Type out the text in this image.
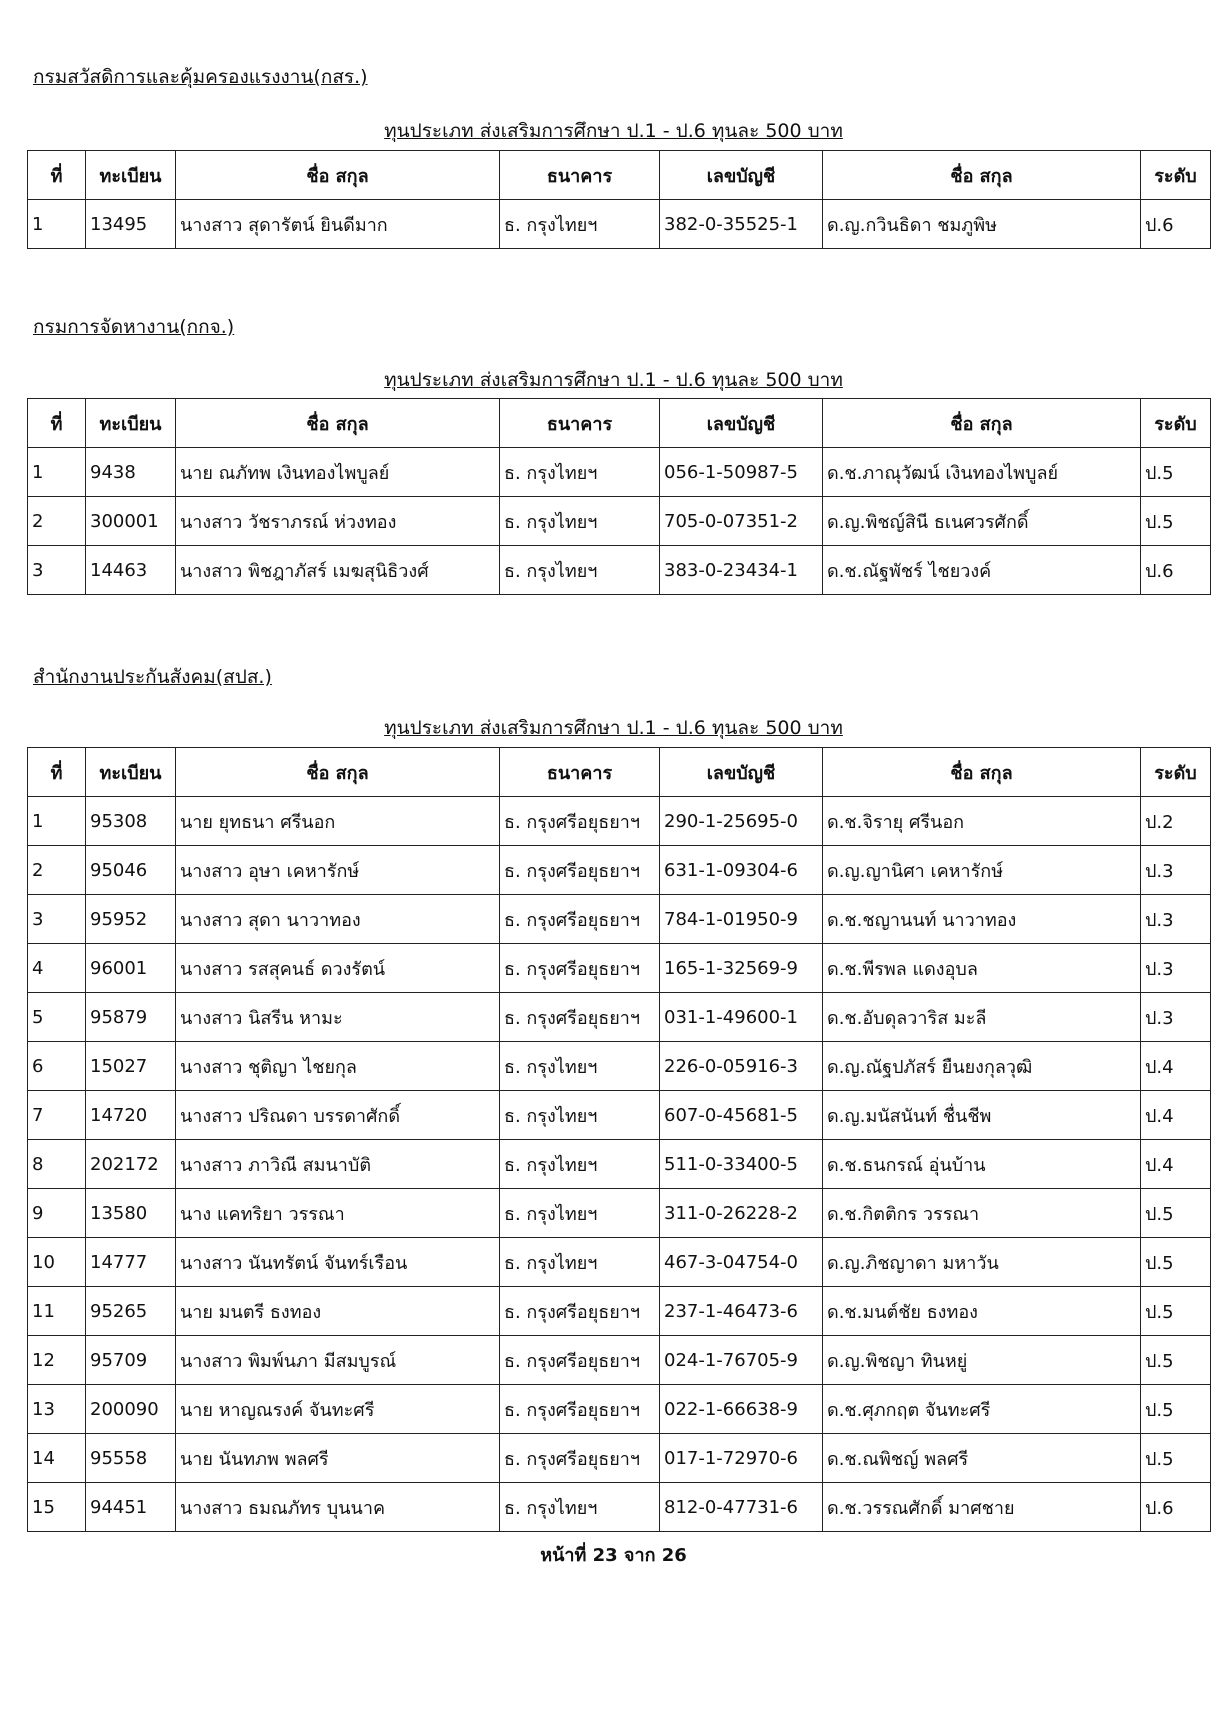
กรมสวัสดิการและคุ้มครองแรงงาน(กสร.)
ทุนประเภท ส่งเสริมการศึกษา ป.1 - ป.6 ทุนละ 500 บาท
ที่	ทะเบียน	ชื่อ สกุล	ธนาคาร	เลขบัญชี	ชื่อ สกุล	ระดับ
1	13495	นางสาว สุดารัตน์ ยินดีมาก	ธ. กรุงไทยฯ	382-0-35525-1	ด.ญ.กวินธิดา ชมภูพิษ	ป.6
กรมการจัดหางาน(กกจ.)
ทุนประเภท ส่งเสริมการศึกษา ป.1 - ป.6 ทุนละ 500 บาท
ที่	ทะเบียน	ชื่อ สกุล	ธนาคาร	เลขบัญชี	ชื่อ สกุล	ระดับ
1	9438	นาย ณภัทพ เงินทองไพบูลย์	ธ. กรุงไทยฯ	056-1-50987-5	ด.ช.ภาณุวัฒน์ เงินทองไพบูลย์	ป.5
2	300001	นางสาว วัชราภรณ์ ห่วงทอง	ธ. กรุงไทยฯ	705-0-07351-2	ด.ญ.พิชญ์สินี ธเนศวรศักดิ์	ป.5
3	14463	นางสาว พิชฎาภัสร์ เมฆสุนิธิวงศ์	ธ. กรุงไทยฯ	383-0-23434-1	ด.ช.ณัฐพัชร์ ไชยวงค์	ป.6
สำนักงานประกันสังคม(สปส.)
ทุนประเภท ส่งเสริมการศึกษา ป.1 - ป.6 ทุนละ 500 บาท
ที่	ทะเบียน	ชื่อ สกุล	ธนาคาร	เลขบัญชี	ชื่อ สกุล	ระดับ
1	95308	นาย ยุทธนา ศรีนอก	ธ. กรุงศรีอยุธยาฯ	290-1-25695-0	ด.ช.จิรายุ ศรีนอก	ป.2
2	95046	นางสาว อุษา เคหารักษ์	ธ. กรุงศรีอยุธยาฯ	631-1-09304-6	ด.ญ.ญานิศา เคหารักษ์	ป.3
3	95952	นางสาว สุดา นาวาทอง	ธ. กรุงศรีอยุธยาฯ	784-1-01950-9	ด.ช.ชญานนท์ นาวาทอง	ป.3
4	96001	นางสาว รสสุคนธ์ ดวงรัตน์	ธ. กรุงศรีอยุธยาฯ	165-1-32569-9	ด.ช.พีรพล แดงอุบล	ป.3
5	95879	นางสาว นิสรีน หามะ	ธ. กรุงศรีอยุธยาฯ	031-1-49600-1	ด.ช.อับดุลวาริส มะลี	ป.3
6	15027	นางสาว ชุติญา ไชยกุล	ธ. กรุงไทยฯ	226-0-05916-3	ด.ญ.ณัฐปภัสร์ ยืนยงกุลวุฒิ	ป.4
7	14720	นางสาว ปริณดา บรรดาศักดิ์	ธ. กรุงไทยฯ	607-0-45681-5	ด.ญ.มนัสนันท์ ชื่นชีพ	ป.4
8	202172	นางสาว ภาวิณี สมนาบัติ	ธ. กรุงไทยฯ	511-0-33400-5	ด.ช.ธนกรณ์ อุ่นบ้าน	ป.4
9	13580	นาง แคทริยา วรรณา	ธ. กรุงไทยฯ	311-0-26228-2	ด.ช.กิตติกร วรรณา	ป.5
10	14777	นางสาว นันทรัตน์ จันทร์เรือน	ธ. กรุงไทยฯ	467-3-04754-0	ด.ญ.ภิชญาดา มหาวัน	ป.5
11	95265	นาย มนตรี ธงทอง	ธ. กรุงศรีอยุธยาฯ	237-1-46473-6	ด.ช.มนต์ชัย ธงทอง	ป.5
12	95709	นางสาว พิมพ์นภา มีสมบูรณ์	ธ. กรุงศรีอยุธยาฯ	024-1-76705-9	ด.ญ.พิชญา ทินหยู่	ป.5
13	200090	นาย หาญณรงค์ จันทะศรี	ธ. กรุงศรีอยุธยาฯ	022-1-66638-9	ด.ช.ศุภกฤต จันทะศรี	ป.5
14	95558	นาย นันทภพ พลศรี	ธ. กรุงศรีอยุธยาฯ	017-1-72970-6	ด.ช.ณพิชญ์ พลศรี	ป.5
15	94451	นางสาว ธมณภัทร บุนนาค	ธ. กรุงไทยฯ	812-0-47731-6	ด.ช.วรรณศักดิ์ มาศชาย	ป.6
หน้าที่ 23 จาก 26
